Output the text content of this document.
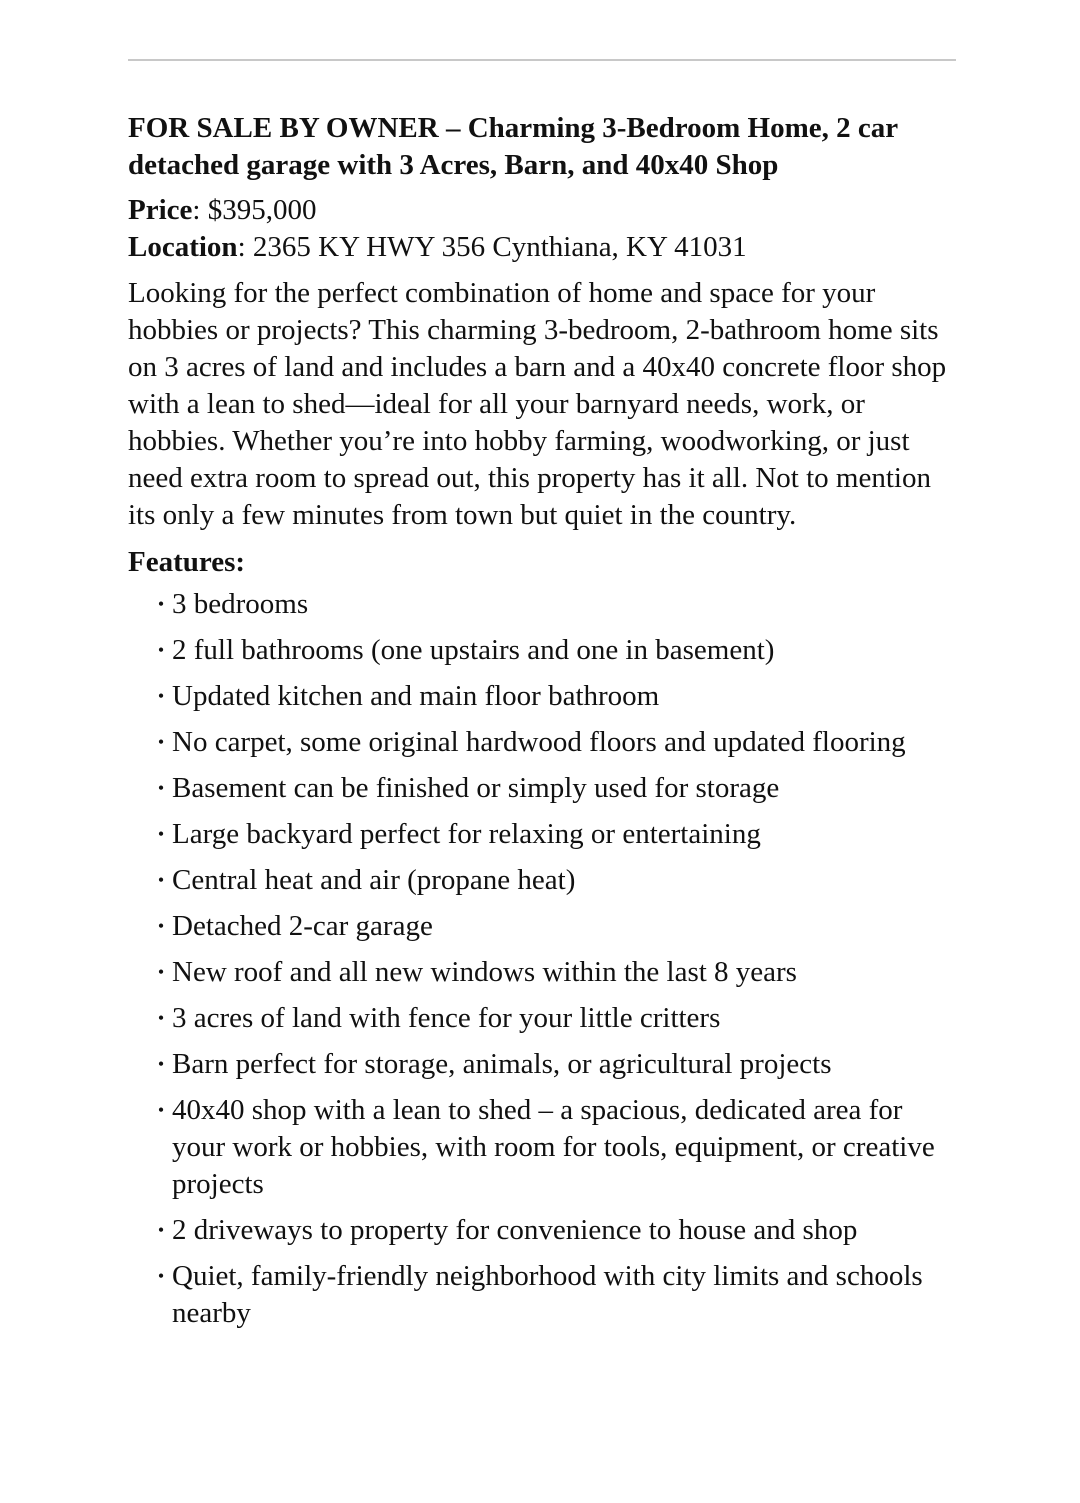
FOR SALE BY OWNER – Charming 3-Bedroom Home, 2 car detached garage with 3 Acres, Barn, and 40x40 Shop

Price: $395,000

Location: 2365 KY HWY 356 Cynthiana, KY 41031

Looking for the perfect combination of home and space for your hobbies or projects? This charming 3-bedroom, 2-bathroom home sits on 3 acres of land and includes a barn and a 40x40 concrete floor shop with a lean to shed—ideal for all your barnyard needs, work, or hobbies. Whether you’re into hobby farming, woodworking, or just need extra room to spread out, this property has it all. Not to mention its only a few minutes from town but quiet in the country.
Features:
• 3 bedrooms
• 2 full bathrooms (one upstairs and one in basement)
• Updated kitchen and main floor bathroom
• No carpet, some original hardwood floors and updated flooring
• Basement can be finished or simply used for storage
• Large backyard perfect for relaxing or entertaining
• Central heat and air (propane heat)
• Detached 2-car garage
• New roof and all new windows within the last 8 years
• 3 acres of land with fence for your little critters
• Barn perfect for storage, animals, or agricultural projects
• 40x40 shop with a lean to shed – a spacious, dedicated area for your work or hobbies, with room for tools, equipment, or creative projects
• 2 driveways to property for convenience to house and shop
• Quiet, family-friendly neighborhood with city limits and schools nearby
